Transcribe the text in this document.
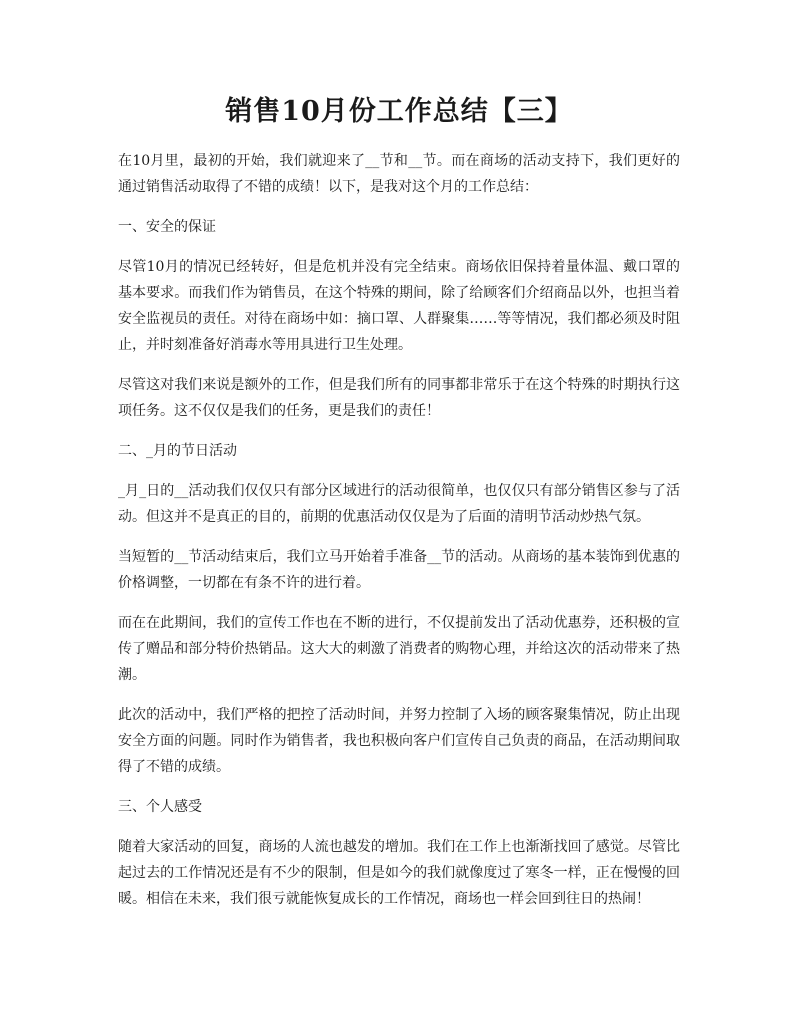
销售10月份工作总结【三】

在10月里，最初的开始，我们就迎来了__节和__节。而在商场的活动支持下，我们更好的通过销售活动取得了不错的成绩！以下，是我对这个月的工作总结：

一、安全的保证

尽管10月的情况已经转好，但是危机并没有完全结束。商场依旧保持着量体温、戴口罩的基本要求。而我们作为销售员，在这个特殊的期间，除了给顾客们介绍商品以外，也担当着安全监视员的责任。对待在商场中如：摘口罩、人群聚集……等等情况，我们都必须及时阻止，并时刻准备好消毒水等用具进行卫生处理。

尽管这对我们来说是额外的工作，但是我们所有的同事都非常乐于在这个特殊的时期执行这项任务。这不仅仅是我们的任务，更是我们的责任！

二、_月的节日活动

_月_日的__活动我们仅仅只有部分区域进行的活动很简单，也仅仅只有部分销售区参与了活动。但这并不是真正的目的，前期的优惠活动仅仅是为了后面的清明节活动炒热气氛。

当短暂的__节活动结束后，我们立马开始着手准备__节的活动。从商场的基本装饰到优惠的价格调整，一切都在有条不许的进行着。

而在在此期间，我们的宣传工作也在不断的进行，不仅提前发出了活动优惠券，还积极的宣传了赠品和部分特价热销品。这大大的刺激了消费者的购物心理，并给这次的活动带来了热潮。

此次的活动中，我们严格的把控了活动时间，并努力控制了入场的顾客聚集情况，防止出现安全方面的问题。同时作为销售者，我也积极向客户们宣传自己负责的商品，在活动期间取得了不错的成绩。

三、个人感受

随着大家活动的回复，商场的人流也越发的增加。我们在工作上也渐渐找回了感觉。尽管比起过去的工作情况还是有不少的限制，但是如今的我们就像度过了寒冬一样，正在慢慢的回暖。相信在未来，我们很亏就能恢复成长的工作情况，商场也一样会回到往日的热闹！
